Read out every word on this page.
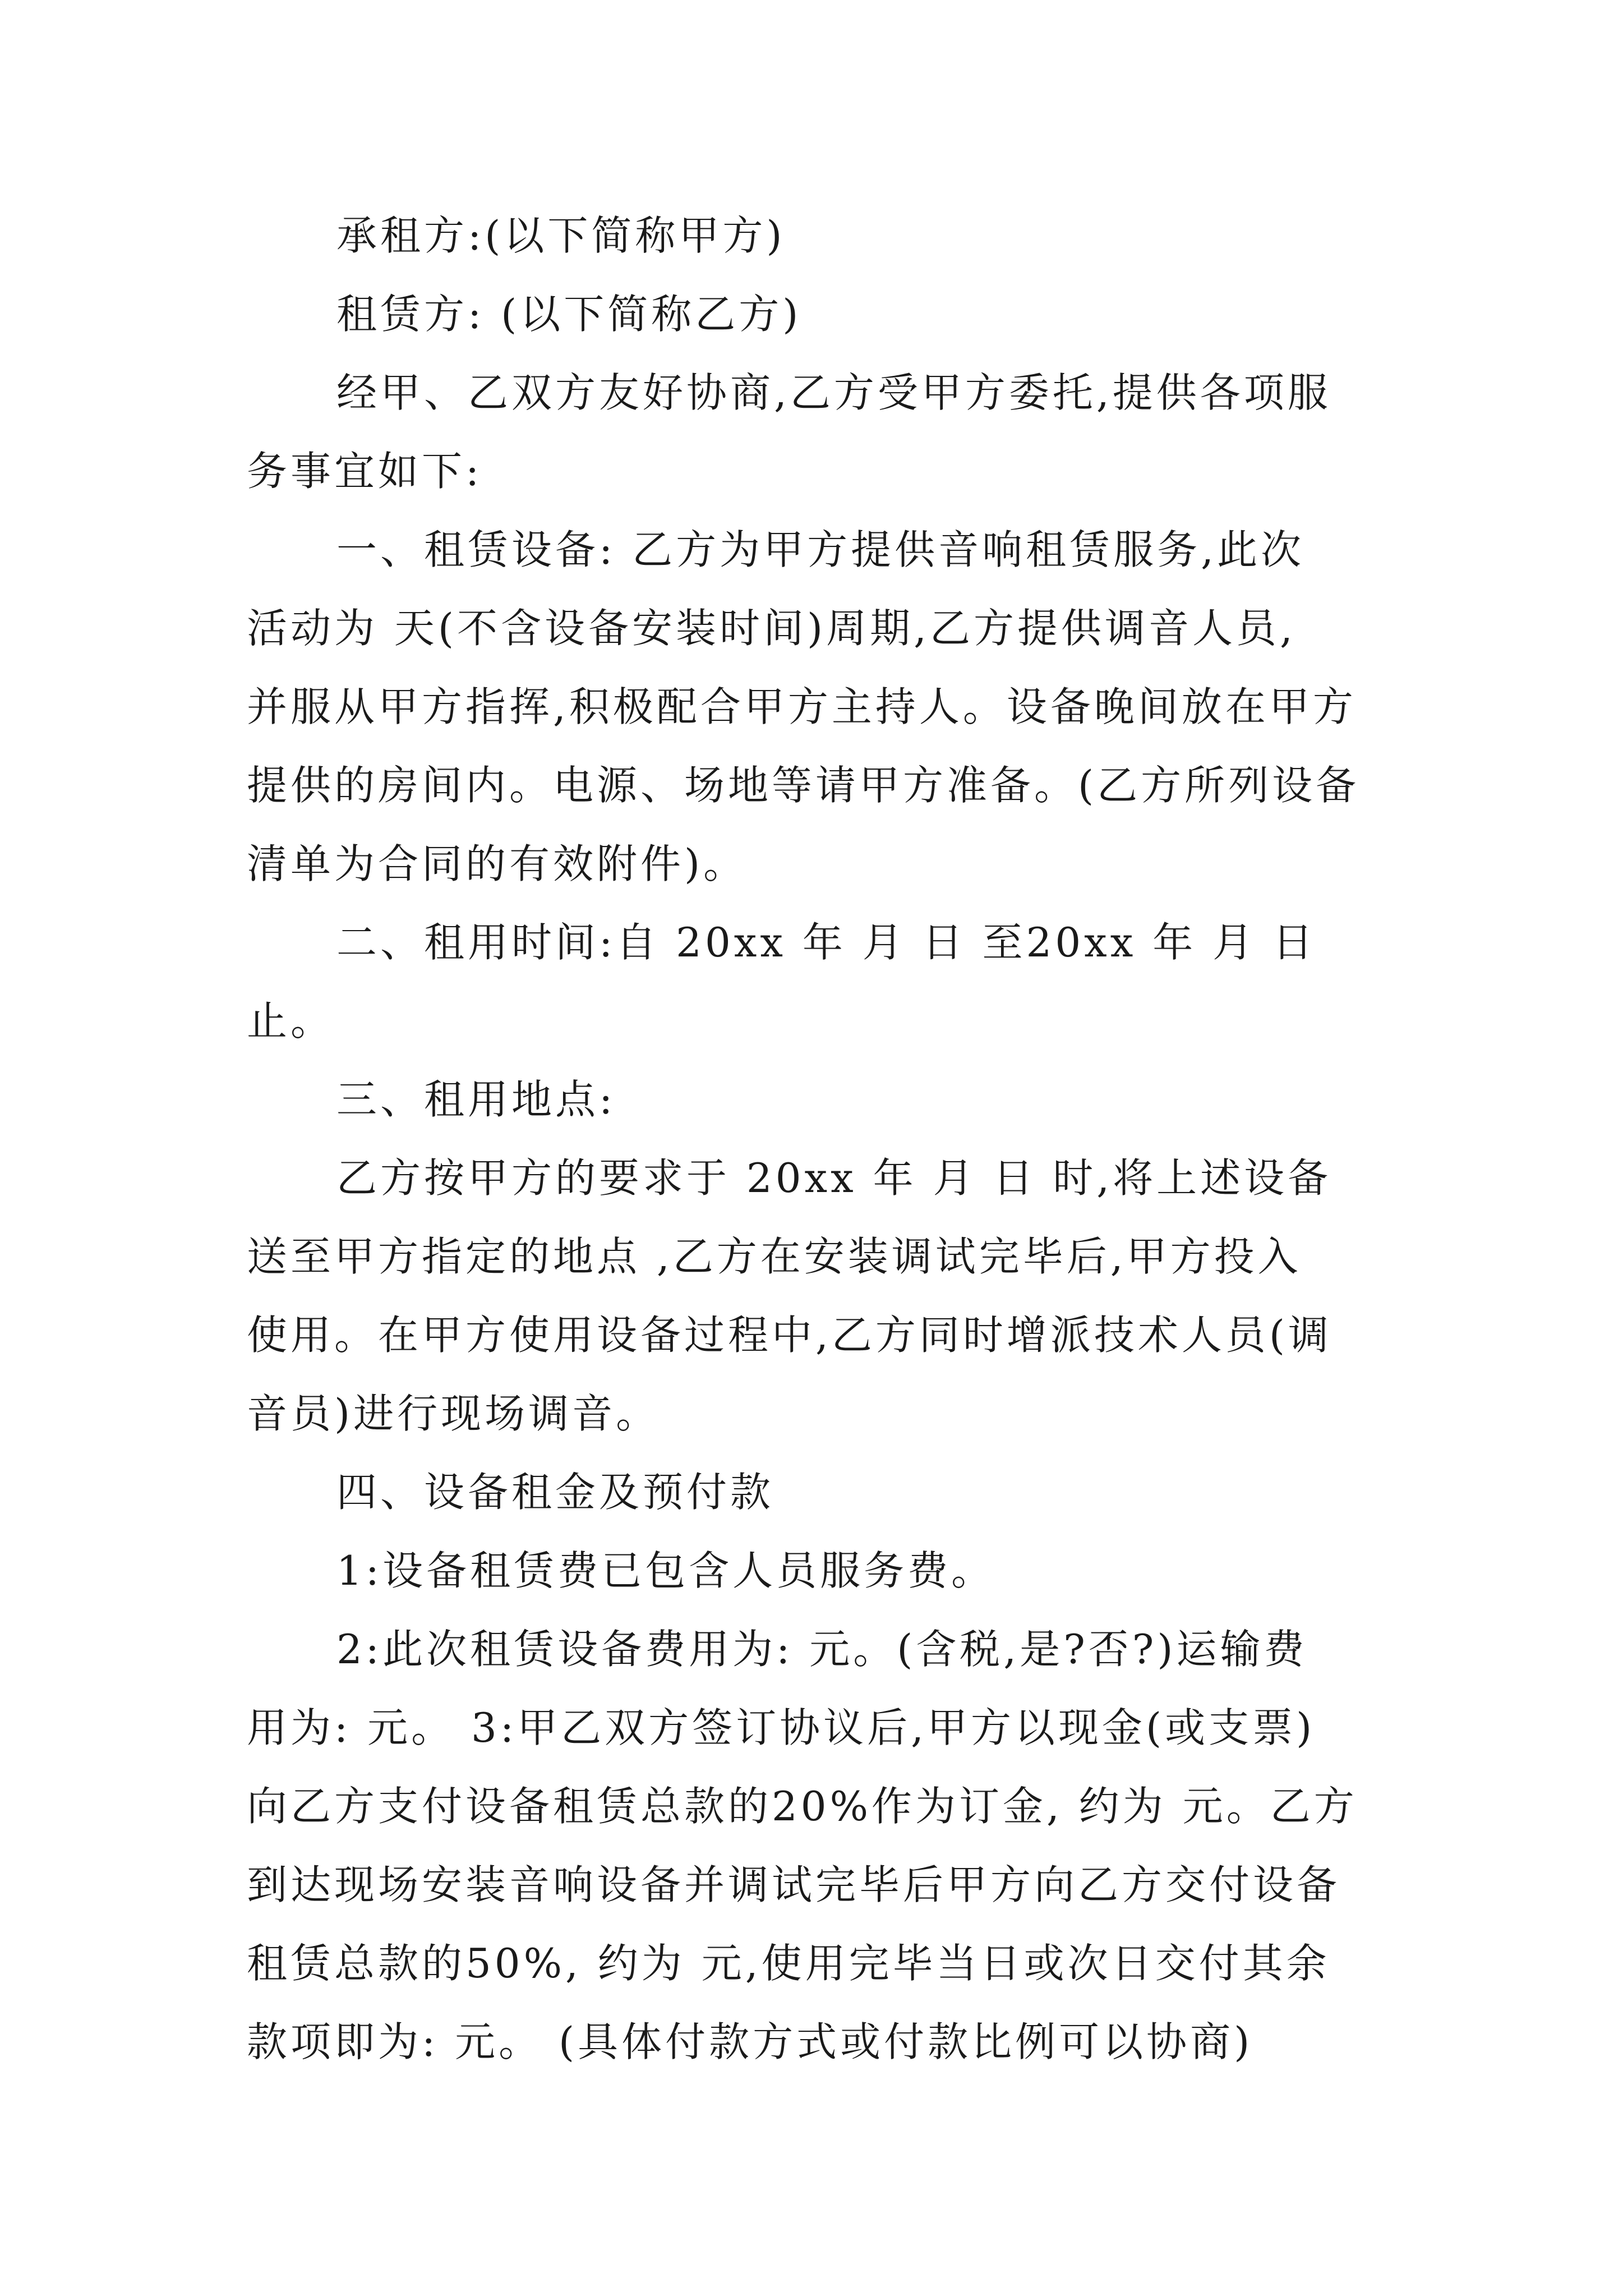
承租方:(以下简称甲方)
租赁方: (以下简称乙方)
经甲、乙双方友好协商,乙方受甲方委托,提供各项服
务事宜如下:
一、租赁设备: 乙方为甲方提供音响租赁服务,此次
活动为 天(不含设备安装时间)周期,乙方提供调音人员,
并服从甲方指挥,积极配合甲方主持人。设备晚间放在甲方
提供的房间内。电源、场地等请甲方准备。(乙方所列设备
清单为合同的有效附件)。
二、租用时间:自 20xx 年 月 日 至20xx 年 月 日
止。
三、租用地点:
乙方按甲方的要求于 20xx 年 月 日 时,将上述设备
送至甲方指定的地点 ,乙方在安装调试完毕后,甲方投入
使用。在甲方使用设备过程中,乙方同时增派技术人员(调
音员)进行现场调音。
四、设备租金及预付款
1:设备租赁费已包含人员服务费。
2:此次租赁设备费用为: 元。(含税,是?否?)运输费
用为: 元。 3:甲乙双方签订协议后,甲方以现金(或支票)
向乙方支付设备租赁总款的20%作为订金, 约为 元。乙方
到达现场安装音响设备并调试完毕后甲方向乙方交付设备
租赁总款的50%, 约为 元,使用完毕当日或次日交付其余
款项即为: 元。 (具体付款方式或付款比例可以协商)
